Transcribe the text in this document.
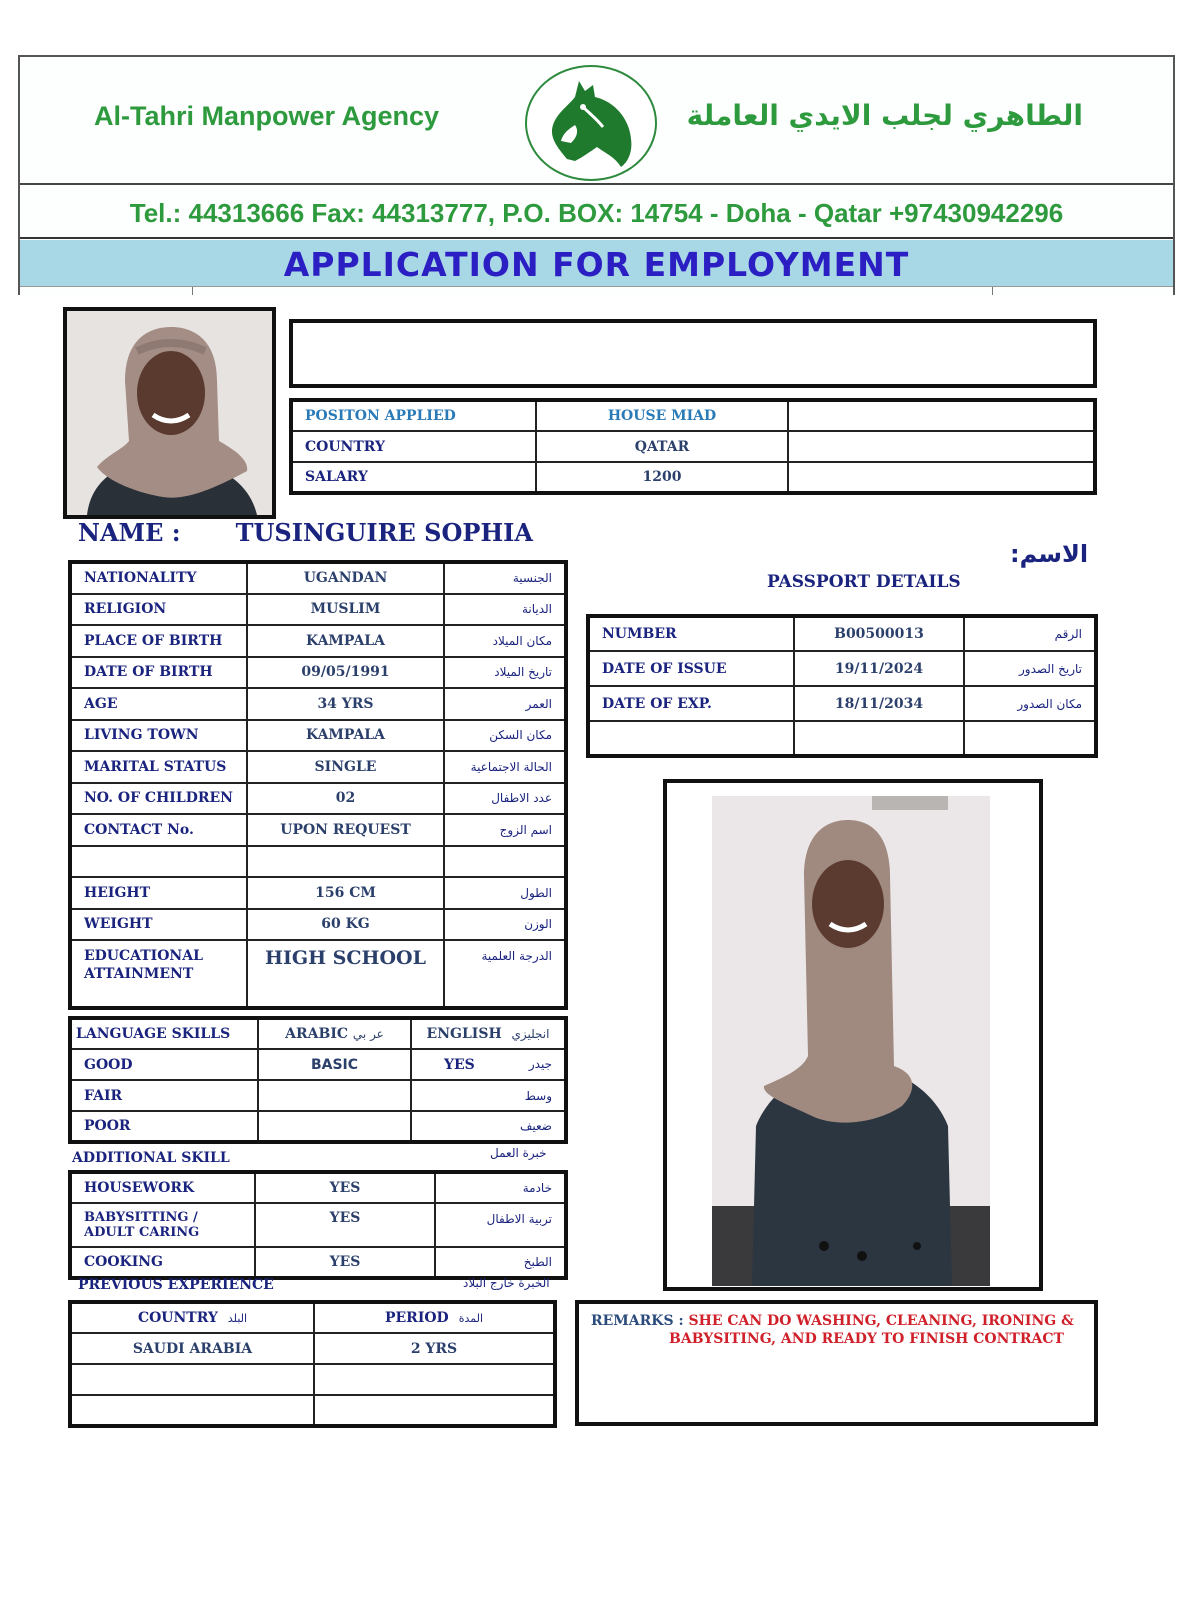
Al-Tahri Manpower Agency	الطاهري لجلب الايدي العاملة
Tel.: 44313666 Fax: 44313777, P.O. BOX: 14754 - Doha - Qatar +97430942296
APPLICATION FOR EMPLOYMENT
POSITON APPLIED	HOUSE MIAD	
COUNTRY	QATAR	
SALARY	1200	
NAME : TUSINGUIRE SOPHIA
الاسم:
PASSPORT DETAILS
NATIONALITY	UGANDAN	الجنسية
RELIGION	MUSLIM	الديانة
PLACE OF BIRTH	KAMPALA	مكان الميلاد
DATE OF BIRTH	09/05/1991	تاريخ الميلاد
AGE	34 YRS	العمر
LIVING TOWN	KAMPALA	مكان السكن
MARITAL STATUS	SINGLE	الحالة الاجتماعية
NO. OF CHILDREN	02	عدد الاطفال
CONTACT No.	UPON REQUEST	اسم الزوج

HEIGHT	156 CM	الطول
WEIGHT	60 KG	الوزن
EDUCATIONAL ATTAINMENT	HIGH SCHOOL	الدرجة العلمية
NUMBER	B00500013	الرقم
DATE OF ISSUE	19/11/2024	تاريخ الصدور
DATE OF EXP.	18/11/2034	مكان الصدور

LANGUAGE SKILLS	ARABIC عر بي	ENGLISH انجليزي
GOOD	BASIC	YES جيدر

FAIR		وسط
POOR		ضعيف
ADDITIONAL SKILL	خبرة العمل
HOUSEWORK	YES	خادمة
BABYSITTING / ADULT CARING	YES	تربية الاطفال
COOKING	YES	الطبخ
PREVIOUS EXPERIENCE	الخبرة خارج البلاد
COUNTRY البلد	PERIOD المدة
SAUDI ARABIA	2 YRS

REMARKS : SHE CAN DO WASHING, CLEANING, IRONING &
BABYSITING, AND READY TO FINISH CONTRACT
